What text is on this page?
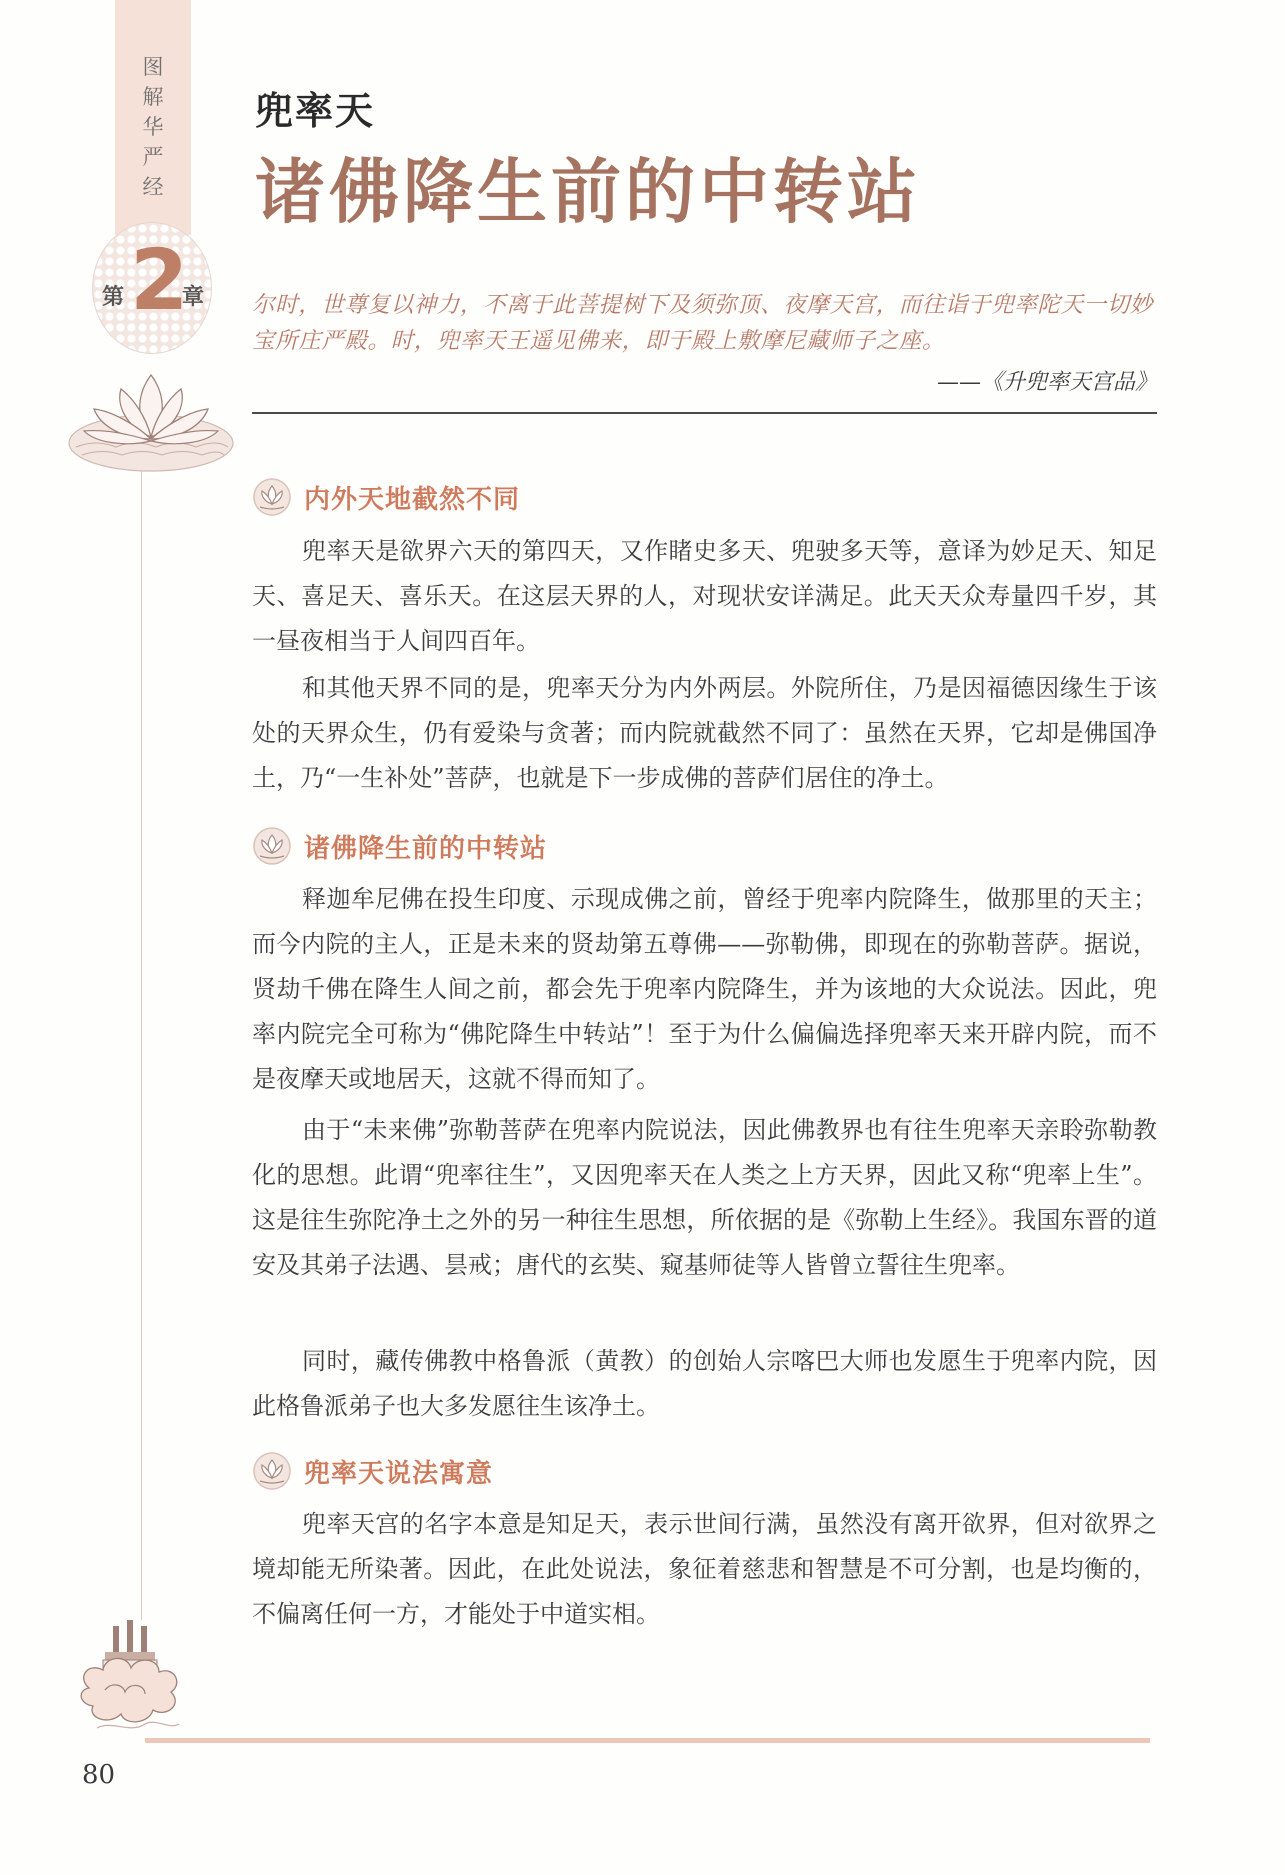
图解华严经
第 2
章
兜率天
诸佛降生前的中转站
尔时，世尊复以神力，不离于此菩提树下及须弥顶、夜摩天宫，而往诣于兜率陀天一切妙宝所庄严殿。时，兜率天王遥见佛来，即于殿上敷摩尼藏师子之座。
——《升兜率天宫品》
内外天地截然不同

兜率天是欲界六天的第四天，又作睹史多天、兜驶多天等，意译为妙足天、知足天、喜足天、喜乐天。在这层天界的人，对现状安详满足。此天天众寿量四千岁，其一昼夜相当于人间四百年。

和其他天界不同的是，兜率天分为内外两层。外院所住，乃是因福德因缘生于该处的天界众生，仍有爱染与贪著；而内院就截然不同了：虽然在天界，它却是佛国净土，乃“一生补处”菩萨，也就是下一步成佛的菩萨们居住的净土。

诸佛降生前的中转站

释迦牟尼佛在投生印度、示现成佛之前，曾经于兜率内院降生，做那里的天主；而今内院的主人，正是未来的贤劫第五尊佛——弥勒佛，即现在的弥勒菩萨。据说，贤劫千佛在降生人间之前，都会先于兜率内院降生，并为该地的大众说法。因此，兜率内院完全可称为“佛陀降生中转站”！至于为什么偏偏选择兜率天来开辟内院，而不是夜摩天或地居天，这就不得而知了。

由于“未来佛”弥勒菩萨在兜率内院说法，因此佛教界也有往生兜率天亲聆弥勒教化的思想。此谓“兜率往生”，又因兜率天在人类之上方天界，因此又称“兜率上生”。这是往生弥陀净土之外的另一种往生思想，所依据的是《弥勒上生经》。我国东晋的道安及其弟子法遇、昙戒；唐代的玄奘、窥基师徒等人皆曾立誓往生兜率。

同时，藏传佛教中格鲁派（黄教）的创始人宗喀巴大师也发愿生于兜率内院，因此格鲁派弟子也大多发愿往生该净土。

兜率天说法寓意

兜率天宫的名字本意是知足天，表示世间行满，虽然没有离开欲界，但对欲界之境却能无所染著。因此，在此处说法，象征着慈悲和智慧是不可分割，也是均衡的，不偏离任何一方，才能处于中道实相。

80
